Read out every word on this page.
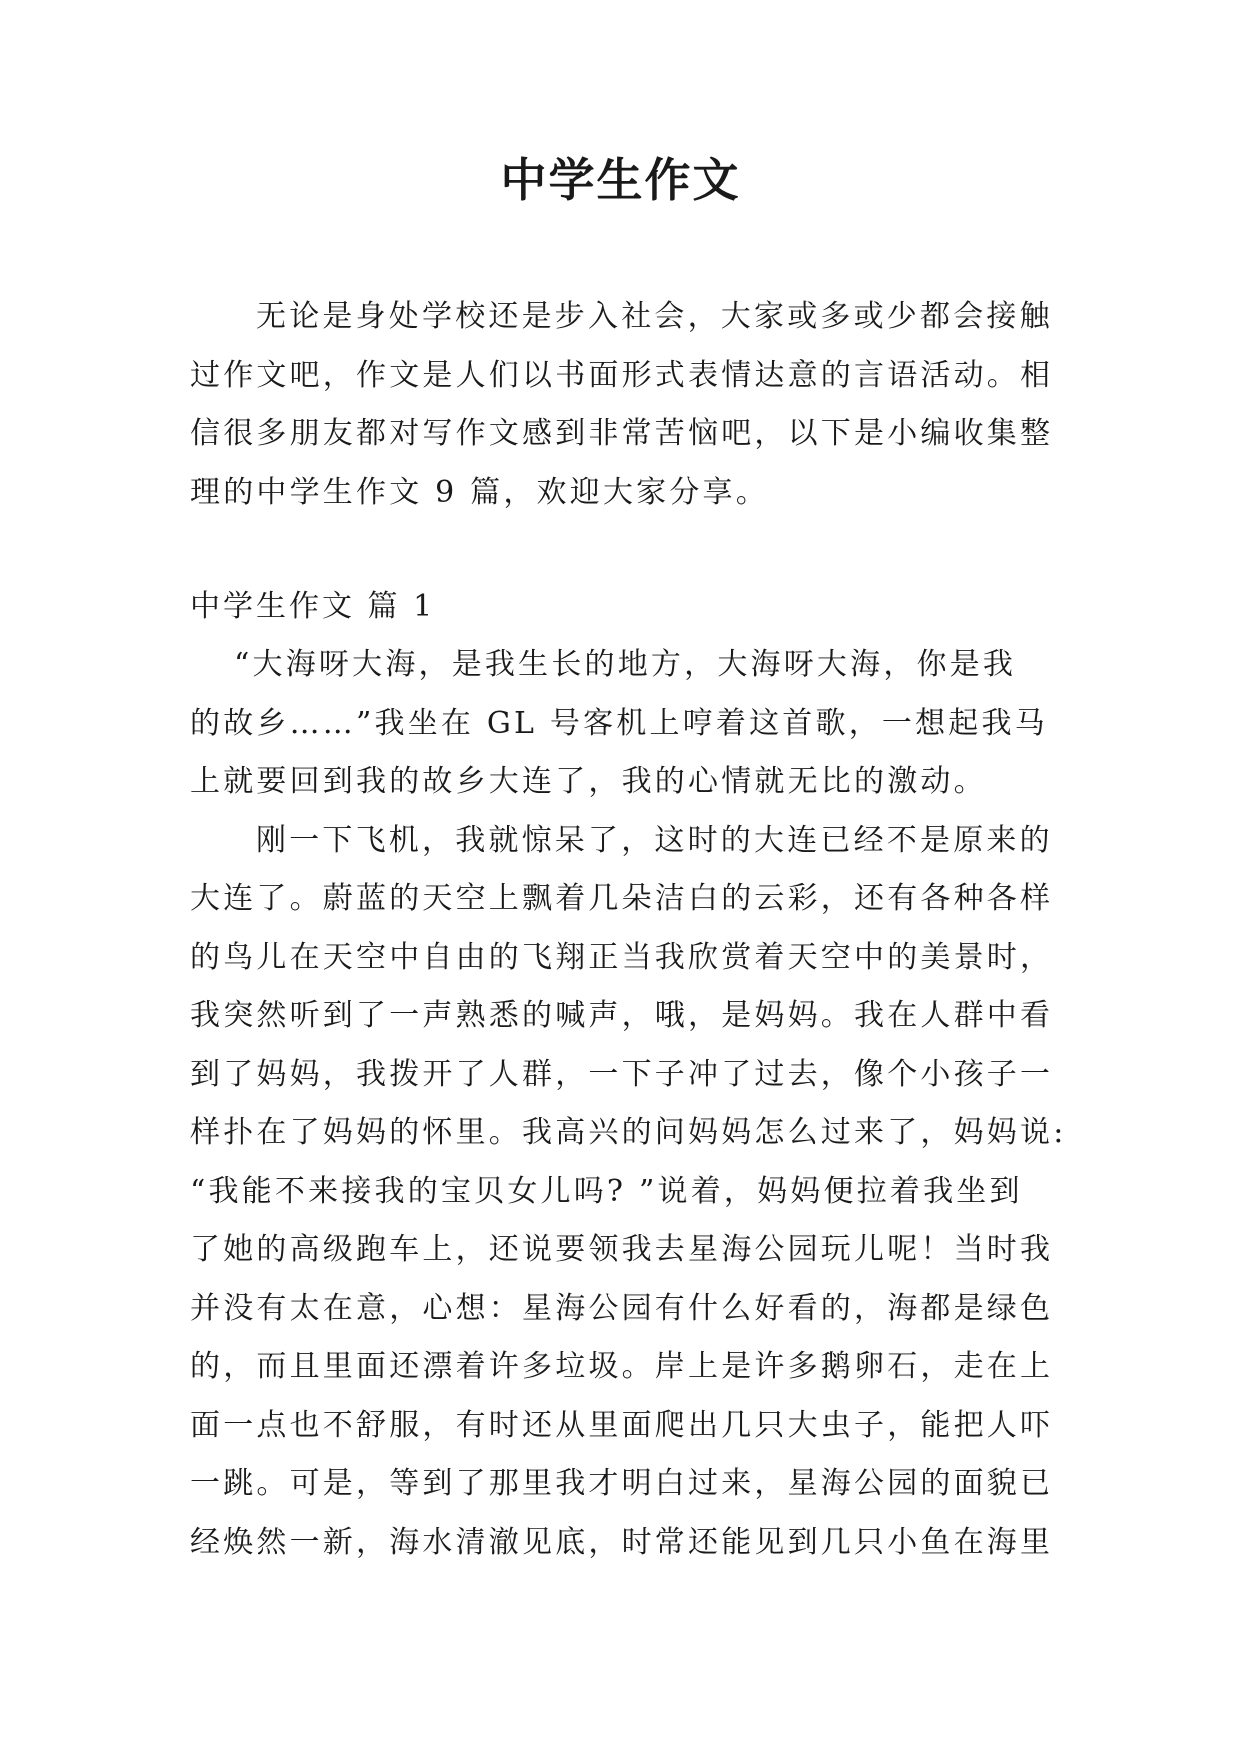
中学生作文

无论是身处学校还是步入社会，大家或多或少都会接触

过作文吧，作文是人们以书面形式表情达意的言语活动。相

信很多朋友都对写作文感到非常苦恼吧，以下是小编收集整

理的中学生作文 9 篇，欢迎大家分享。

中学生作文 篇 1

“大海呀大海，是我生长的地方，大海呀大海，你是我

的故乡……”我坐在 GL 号客机上哼着这首歌，一想起我马

上就要回到我的故乡大连了，我的心情就无比的激动。

刚一下飞机，我就惊呆了，这时的大连已经不是原来的

大连了。蔚蓝的天空上飘着几朵洁白的云彩，还有各种各样

的鸟儿在天空中自由的飞翔正当我欣赏着天空中的美景时，

我突然听到了一声熟悉的喊声，哦，是妈妈。我在人群中看

到了妈妈，我拨开了人群，一下子冲了过去，像个小孩子一

样扑在了妈妈的怀里。我高兴的问妈妈怎么过来了，妈妈说:

“我能不来接我的宝贝女儿吗? ”说着，妈妈便拉着我坐到

了她的高级跑车上，还说要领我去星海公园玩儿呢！当时我

并没有太在意，心想：星海公园有什么好看的，海都是绿色

的，而且里面还漂着许多垃圾。岸上是许多鹅卵石，走在上

面一点也不舒服，有时还从里面爬出几只大虫子，能把人吓

一跳。可是，等到了那里我才明白过来，星海公园的面貌已

经焕然一新，海水清澈见底，时常还能见到几只小鱼在海里
